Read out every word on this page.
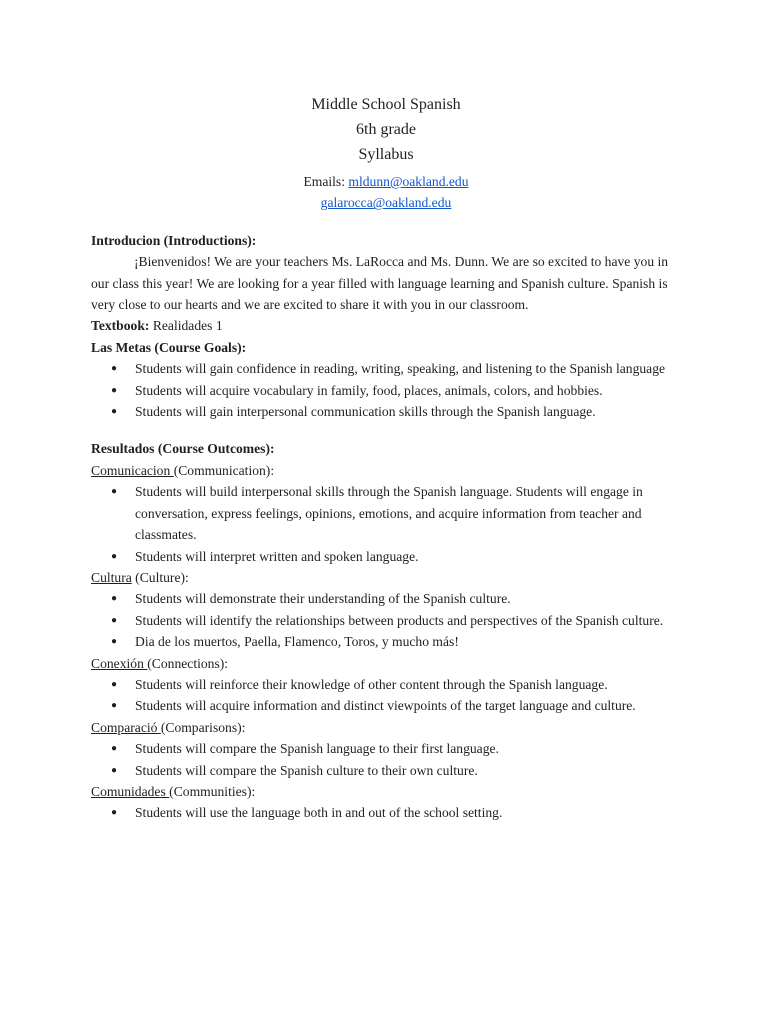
Middle School Spanish
6th grade
Syllabus
Emails: mldunn@oakland.edu
galarocca@oakland.edu
Introducion (Introductions):
¡Bienvenidos! We are your teachers Ms. LaRocca and Ms. Dunn. We are so excited to have you in our class this year! We are looking for a year filled with language learning and Spanish culture. Spanish is very close to our hearts and we are excited to share it with you in our classroom.
Textbook: Realidades 1
Las Metas (Course Goals):
● Students will gain confidence in reading, writing, speaking, and listening to the Spanish language
● Students will acquire vocabulary in family, food, places, animals, colors, and hobbies.
● Students will gain interpersonal communication skills through the Spanish language.
Resultados (Course Outcomes):
Comunicacion (Communication):
● Students will build interpersonal skills through the Spanish language. Students will engage in conversation, express feelings, opinions, emotions, and acquire information from teacher and classmates.
● Students will interpret written and spoken language.
Cultura (Culture):
● Students will demonstrate their understanding of the Spanish culture.
● Students will identify the relationships between products and perspectives of the Spanish culture.
● Dia de los muertos, Paella, Flamenco, Toros, y mucho más!
Conexión (Connections):
● Students will reinforce their knowledge of other content through the Spanish language.
● Students will acquire information and distinct viewpoints of the target language and culture.
Comparació (Comparisons):
● Students will compare the Spanish language to their first language.
● Students will compare the Spanish culture to their own culture.
Comunidades (Communities):
● Students will use the language both in and out of the school setting.
